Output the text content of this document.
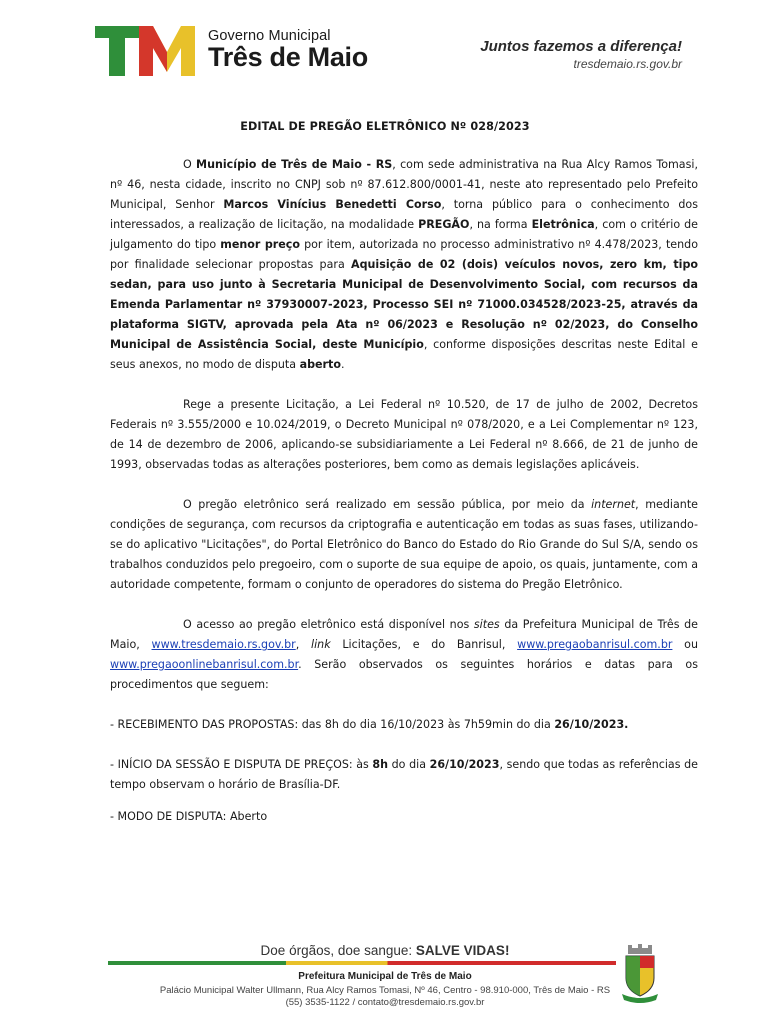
Governo Municipal
Três de Maio	Juntos fazemos a diferença!
tresdemaio.rs.gov.br
EDITAL DE PREGÃO ELETRÔNICO Nº 028/2023

O Município de Três de Maio - RS, com sede administrativa na Rua Alcy Ramos Tomasi, nº 46, nesta cidade, inscrito no CNPJ sob nº 87.612.800/0001-41, neste ato representado pelo Prefeito Municipal, Senhor Marcos Vinícius Benedetti Corso, torna público para o conhecimento dos interessados, a realização de licitação, na modalidade PREGÃO, na forma Eletrônica, com o critério de julgamento do tipo menor preço por item, autorizada no processo administrativo nº 4.478/2023, tendo por finalidade selecionar propostas para Aquisição de 02 (dois) veículos novos, zero km, tipo sedan, para uso junto à Secretaria Municipal de Desenvolvimento Social, com recursos da Emenda Parlamentar nº 37930007-2023, Processo SEI nº 71000.034528/2023-25, através da plataforma SIGTV, aprovada pela Ata nº 06/2023 e Resolução nº 02/2023, do Conselho Municipal de Assistência Social, deste Município, conforme disposições descritas neste Edital e seus anexos, no modo de disputa aberto.

Rege a presente Licitação, a Lei Federal nº 10.520, de 17 de julho de 2002, Decretos Federais nº 3.555/2000 e 10.024/2019, o Decreto Municipal nº 078/2020, e a Lei Complementar nº 123, de 14 de dezembro de 2006, aplicando-se subsidiariamente a Lei Federal nº 8.666, de 21 de junho de 1993, observadas todas as alterações posteriores, bem como as demais legislações aplicáveis.

O pregão eletrônico será realizado em sessão pública, por meio da internet, mediante condições de segurança, com recursos da criptografia e autenticação em todas as suas fases, utilizando-se do aplicativo "Licitações", do Portal Eletrônico do Banco do Estado do Rio Grande do Sul S/A, sendo os trabalhos conduzidos pelo pregoeiro, com o suporte de sua equipe de apoio, os quais, juntamente, com a autoridade competente, formam o conjunto de operadores do sistema do Pregão Eletrônico.

O acesso ao pregão eletrônico está disponível nos sites da Prefeitura Municipal de Três de Maio, www.tresdemaio.rs.gov.br, link Licitações, e do Banrisul, www.pregaobanrisul.com.br ou www.pregaoonlinebanrisul.com.br. Serão observados os seguintes horários e datas para os procedimentos que seguem:

- RECEBIMENTO DAS PROPOSTAS: das 8h do dia 16/10/2023 às 7h59min do dia 26/10/2023.

- INÍCIO DA SESSÃO E DISPUTA DE PREÇOS: às 8h do dia 26/10/2023, sendo que todas as referências de tempo observam o horário de Brasília-DF.

- MODO DE DISPUTA: Aberto

Doe órgãos, doe sangue: SALVE VIDAS!
Prefeitura Municipal de Três de Maio
Palácio Municipal Walter Ullmann, Rua Alcy Ramos Tomasi, Nº 46, Centro - 98.910-000, Três de Maio - RS
(55) 3535-1122 / contato@tresdemaio.rs.gov.br
